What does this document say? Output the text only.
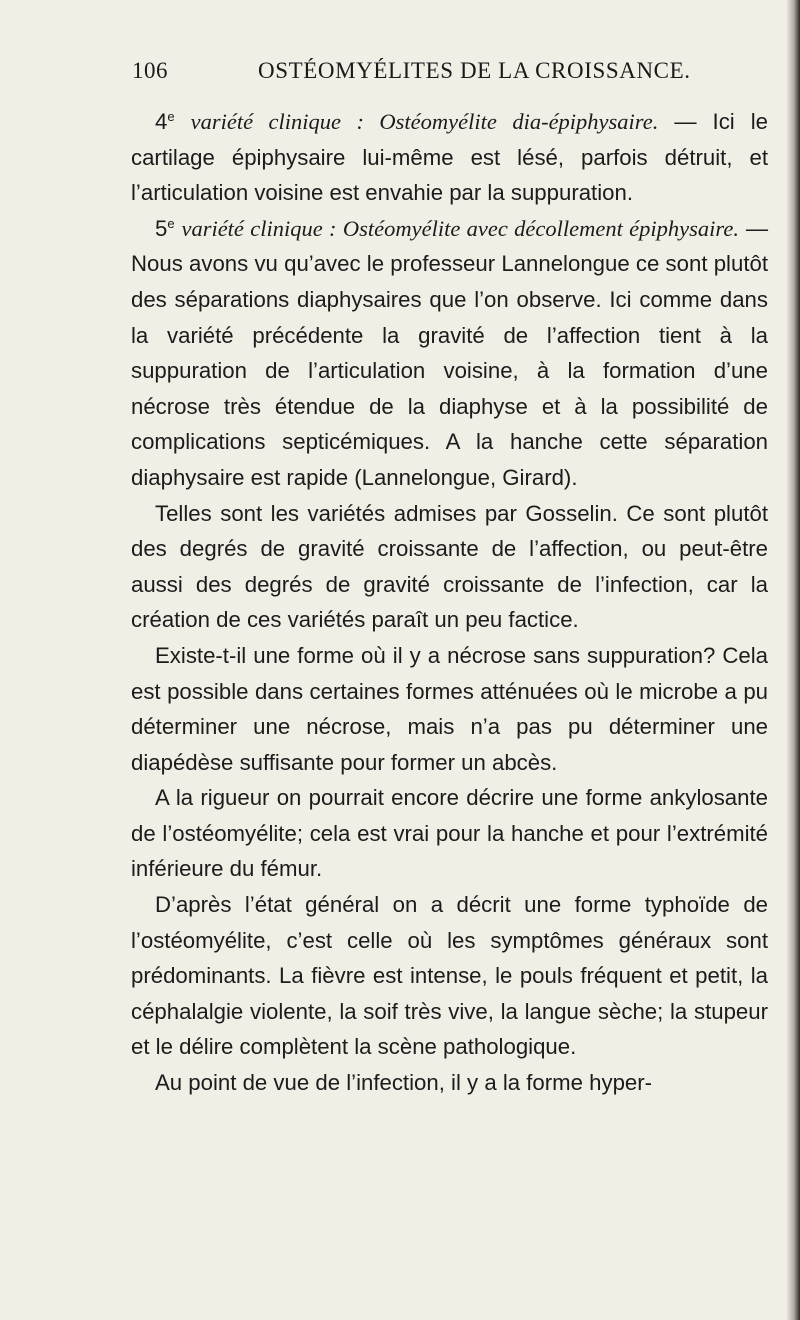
106	OSTÉOMYÉLITES DE LA CROISSANCE.

4e variété clinique : Ostéomyélite dia-épiphysaire. — Ici le cartilage épiphysaire lui-même est lésé, parfois détruit, et l’articulation voisine est envahie par la suppuration.

5e variété clinique : Ostéomyélite avec décollement épiphysaire. — Nous avons vu qu’avec le professeur Lannelongue ce sont plutôt des séparations diaphysaires que l’on observe. Ici comme dans la variété précédente la gravité de l’affection tient à la suppuration de l’articulation voisine, à la formation d’une nécrose très étendue de la diaphyse et à la possibilité de complications septicémiques. A la hanche cette séparation diaphysaire est rapide (Lannelongue, Girard).

Telles sont les variétés admises par Gosselin. Ce sont plutôt des degrés de gravité croissante de l’affection, ou peut-être aussi des degrés de gravité croissante de l’infection, car la création de ces variétés paraît un peu factice.

Existe-t-il une forme où il y a nécrose sans suppuration? Cela est possible dans certaines formes atténuées où le microbe a pu déterminer une nécrose, mais n’a pas pu déterminer une diapédèse suffisante pour former un abcès.

A la rigueur on pourrait encore décrire une forme ankylosante de l’ostéomyélite; cela est vrai pour la hanche et pour l’extrémité inférieure du fémur.

D’après l’état général on a décrit une forme typhoïde de l’ostéomyélite, c’est celle où les symptômes généraux sont prédominants. La fièvre est intense, le pouls fréquent et petit, la céphalalgie violente, la soif très vive, la langue sèche; la stupeur et le délire complètent la scène pathologique.

Au point de vue de l’infection, il y a la forme hyper-
